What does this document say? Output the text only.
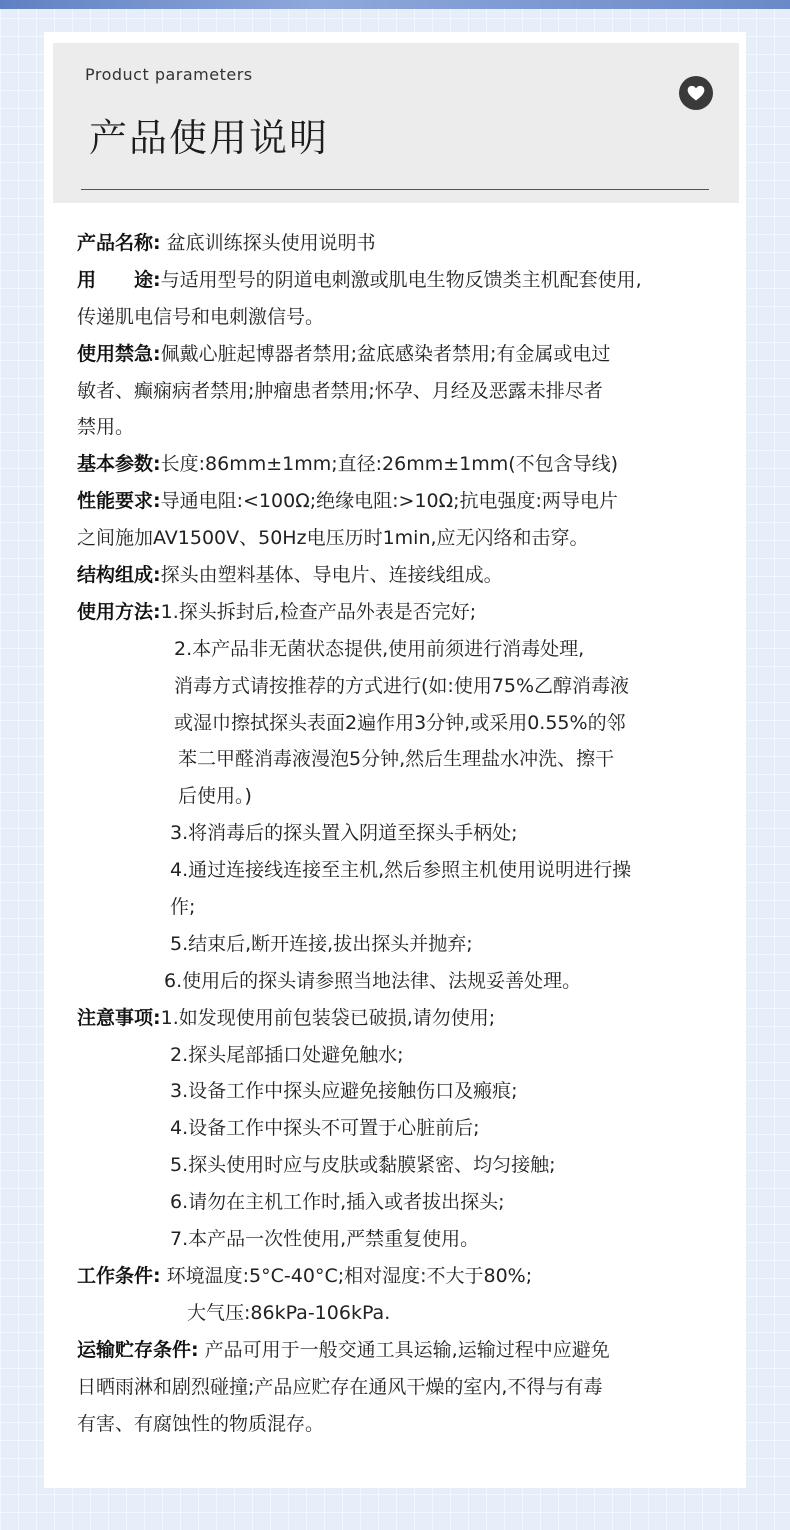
Product parameters
产品使用说明
产品名称: 盆底训练探头使用说明书
用 途:与适用型号的阴道电刺激或肌电生物反馈类主机配套使用,
传递肌电信号和电刺激信号。
使用禁急:佩戴心脏起博器者禁用;盆底感染者禁用;有金属或电过
敏者、癫痫病者禁用;肿瘤患者禁用;怀孕、月经及恶露未排尽者
禁用。
基本参数:长度:86mm±1mm;直径:26mm±1mm(不包含导线)
性能要求:导通电阻:<100Ω;绝缘电阻:>10Ω;抗电强度:两导电片
之间施加AV1500V、50Hz电压历时1min,应无闪络和击穿。
结构组成:探头由塑料基体、导电片、连接线组成。
使用方法:1.探头拆封后,检查产品外表是否完好;
2.本产品非无菌状态提供,使用前须进行消毒处理,
消毒方式请按推荐的方式进行(如:使用75%乙醇消毒液
或湿巾擦拭探头表面2遍作用3分钟,或采用0.55%的邻
苯二甲醛消毒液漫泡5分钟,然后生理盐水冲洗、擦干
后使用。)
3.将消毒后的探头置入阴道至探头手柄处;
4.通过连接线连接至主机,然后参照主机使用说明进行操
作;
5.结束后,断开连接,拔出探头并抛弃;
6.使用后的探头请参照当地法律、法规妥善处理。
注意事项:1.如发现使用前包装袋已破损,请勿使用;
2.探头尾部插口处避免触水;
3.设备工作中探头应避免接触伤口及瘢痕;
4.设备工作中探头不可置于心脏前后;
5.探头使用时应与皮肤或黏膜紧密、均匀接触;
6.请勿在主机工作时,插入或者拔出探头;
7.本产品一次性使用,严禁重复使用。
工作条件: 环境温度:5°C-40°C;相对湿度:不大于80%;
大气压:86kPa-106kPa.
运输贮存条件: 产品可用于一般交通工具运输,运输过程中应避免
日晒雨淋和剧烈碰撞;产品应贮存在通风干燥的室内,不得与有毒
有害、有腐蚀性的物质混存。
